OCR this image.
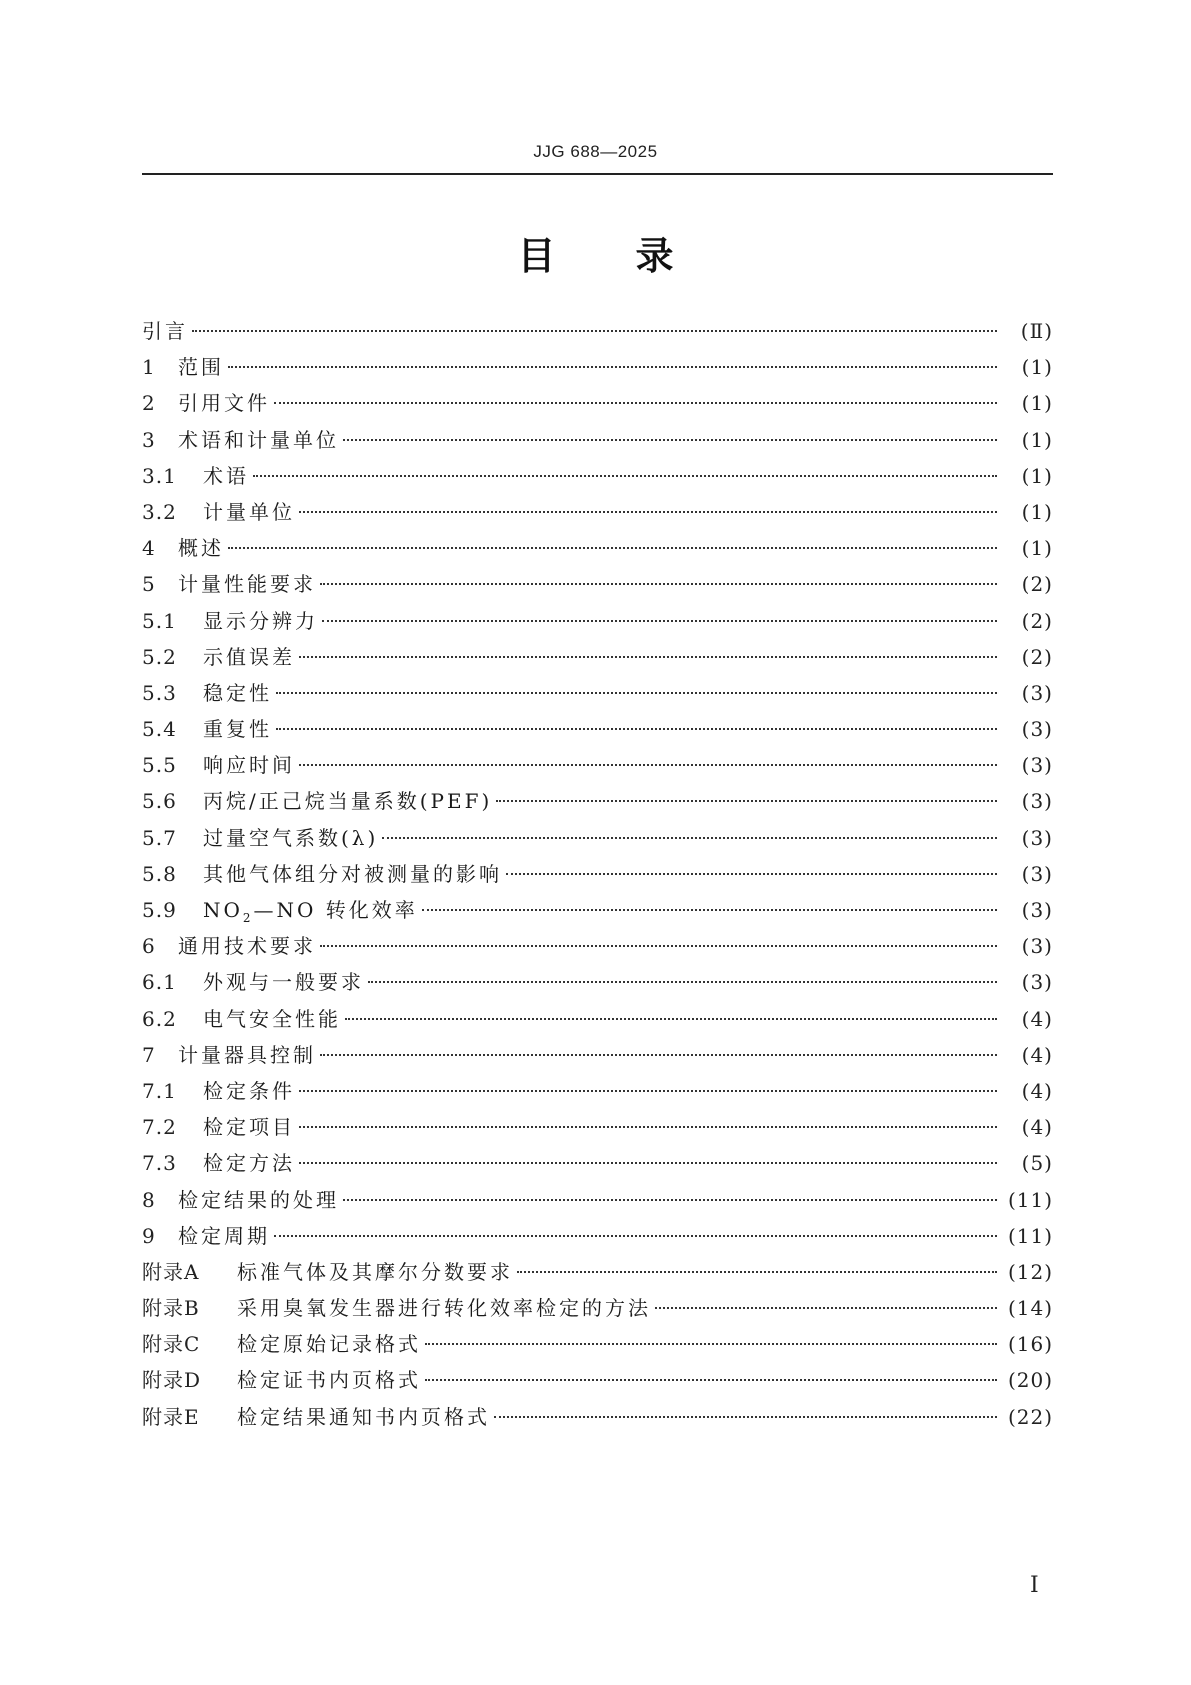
JJG 688—2025
目录
引言	(Ⅱ)
1	范围	(1)
2	引用文件	(1)
3	术语和计量单位	(1)
3.1	术语	(1)
3.2	计量单位	(1)
4	概述	(1)
5	计量性能要求	(2)
5.1	显示分辨力	(2)
5.2	示值误差	(2)
5.3	稳定性	(3)
5.4	重复性	(3)
5.5	响应时间	(3)
5.6	丙烷/正己烷当量系数(PEF)	(3)
5.7	过量空气系数(λ)	(3)
5.8	其他气体组分对被测量的影响	(3)
5.9	$NO_2—NO$ 转化效率	(3)
6	通用技术要求	(3)
6.1	外观与一般要求	(3)
6.2	电气安全性能	(4)
7	计量器具控制	(4)
7.1	检定条件	(4)
7.2	检定项目	(4)
7.3	检定方法	(5)
8	检定结果的处理	(11)
9	检定周期	(11)
附录A	标准气体及其摩尔分数要求	(12)
附录B	采用臭氧发生器进行转化效率检定的方法	(14)
附录C	检定原始记录格式	(16)
附录D	检定证书内页格式	(20)
附录E	检定结果通知书内页格式	(22)
I
